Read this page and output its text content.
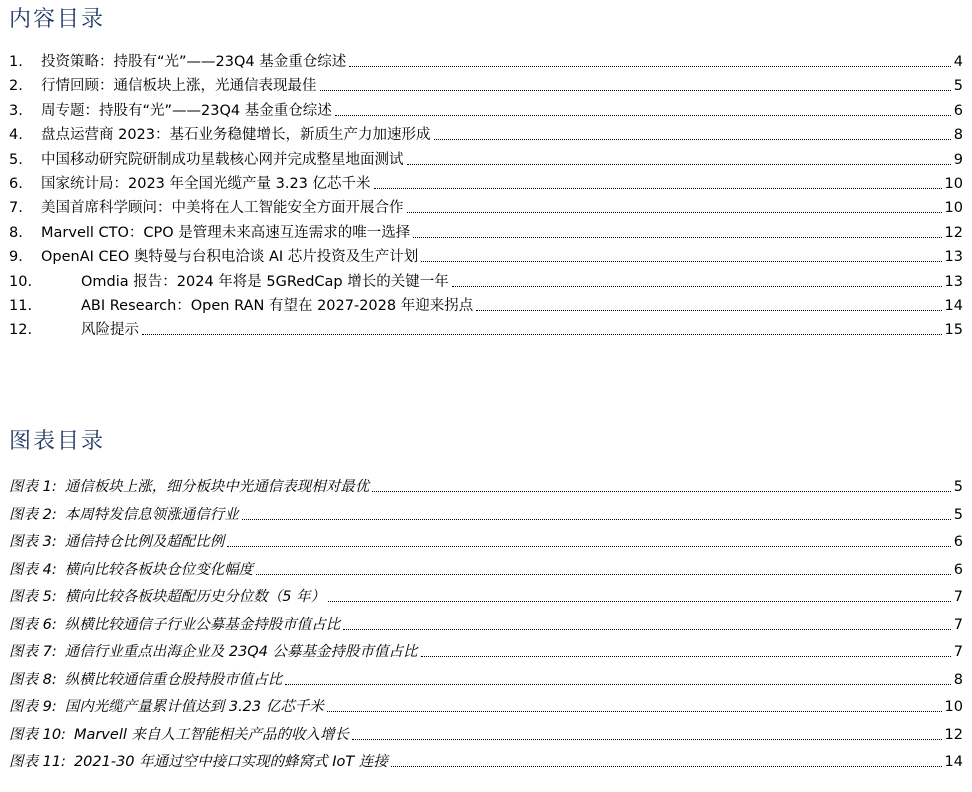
内容目录
1.	投资策略：持股有“光”——23Q4 基金重仓综述	4
2.	行情回顾：通信板块上涨，光通信表现最佳	5
3.	周专题：持股有“光”——23Q4 基金重仓综述	6
4.	盘点运营商 2023：基石业务稳健增长，新质生产力加速形成	8
5.	中国移动研究院研制成功星载核心网并完成整星地面测试	9
6.	国家统计局：2023 年全国光缆产量 3.23 亿芯千米	10
7.	美国首席科学顾问：中美将在人工智能安全方面开展合作	10
8.	Marvell CTO：CPO 是管理未来高速互连需求的唯一选择	12
9.	OpenAI CEO 奥特曼与台积电洽谈 AI 芯片投资及生产计划	13
10.	Omdia 报告：2024 年将是 5GRedCap 增长的关键一年	13
11.	ABI Research：Open RAN 有望在 2027-2028 年迎来拐点	14
12.	风险提示	15
图表目录
图表 1: 通信板块上涨，细分板块中光通信表现相对最优	5
图表 2: 本周特发信息领涨通信行业	5
图表 3: 通信持仓比例及超配比例	6
图表 4: 横向比较各板块仓位变化幅度	6
图表 5: 横向比较各板块超配历史分位数（5 年）	7
图表 6: 纵横比较通信子行业公募基金持股市值占比	7
图表 7: 通信行业重点出海企业及 23Q4 公募基金持股市值占比	7
图表 8: 纵横比较通信重仓股持股市值占比	8
图表 9: 国内光缆产量累计值达到 3.23 亿芯千米	10
图表 10: Marvell 来自人工智能相关产品的收入增长	12
图表 11: 2021-30 年通过空中接口实现的蜂窝式 IoT 连接	14
